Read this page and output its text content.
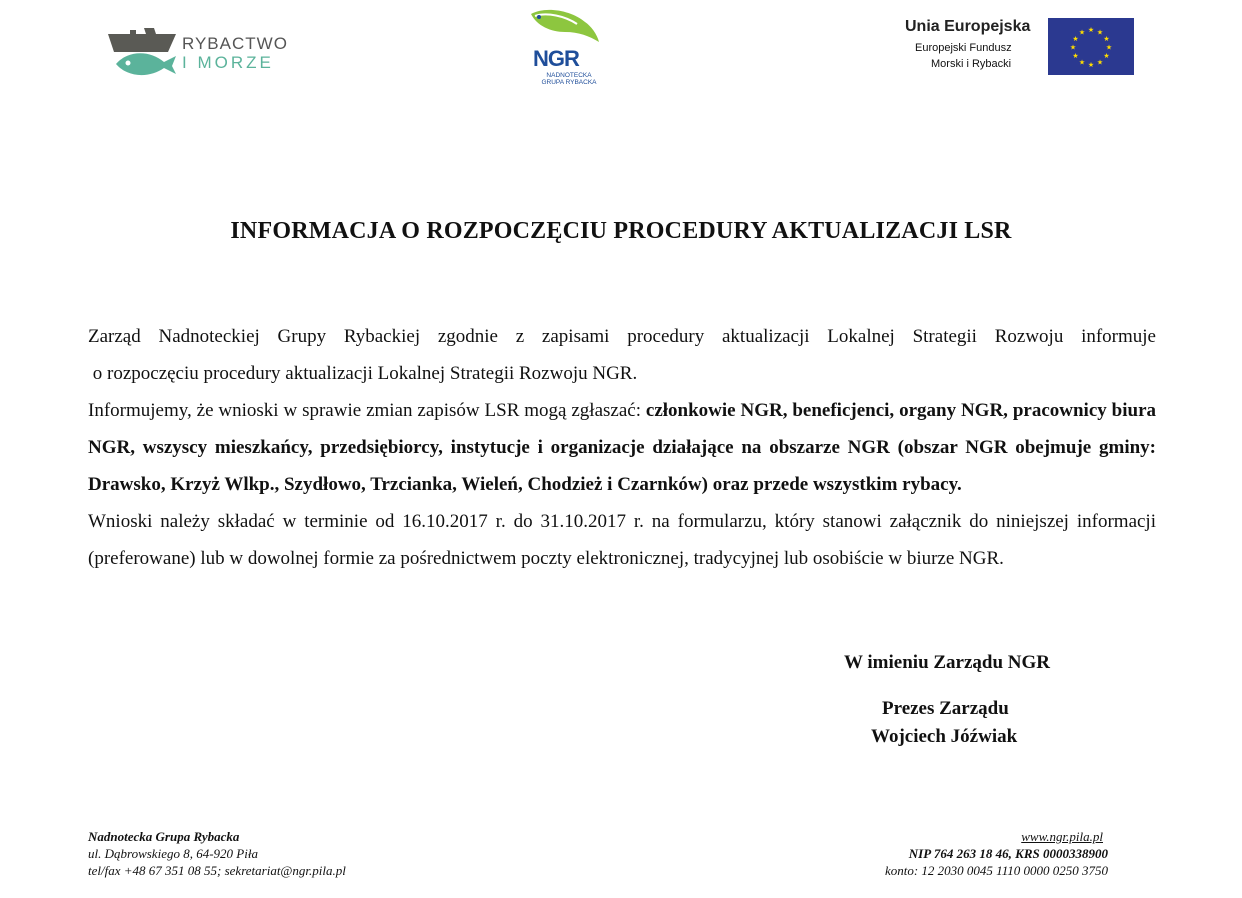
RYBACTWO
I MORZE	NGR
NADNOTECKA
GRUPA RYBACKA
Unia Europejska
Europejski Fundusz
Morski i Rybacki
★ ★
★
★
★
★
★
★
★
★
★
★
INFORMACJA O ROZPOCZĘCIU PROCEDURY AKTUALIZACJI LSR

Zarząd Nadnoteckiej Grupy Rybackiej zgodnie z zapisami procedury aktualizacji Lokalnej Strategii Rozwoju informuje

o rozpoczęciu procedury aktualizacji Lokalnej Strategii Rozwoju NGR.

Informujemy, że wnioski w sprawie zmian zapisów LSR mogą zgłaszać: członkowie NGR, beneficjenci, organy NGR, pracownicy biura NGR, wszyscy mieszkańcy, przedsiębiorcy, instytucje i organizacje działające na obszarze NGR (obszar NGR obejmuje gminy: Drawsko, Krzyż Wlkp., Szydłowo, Trzcianka, Wieleń, Chodzież i Czarnków) oraz przede wszystkim rybacy.

Wnioski należy składać w terminie od 16.10.2017 r. do 31.10.2017 r. na formularzu, który stanowi załącznik do niniejszej informacji (preferowane) lub w dowolnej formie za pośrednictwem poczty elektronicznej, tradycyjnej lub osobiście w biurze NGR.

W imieniu Zarządu NGR
Prezes Zarządu
Wojciech Jóźwiak
Nadnotecka Grupa Rybacka
ul. Dąbrowskiego 8, 64-920 Piła
tel/fax +48 67 351 08 55; sekretariat@ngr.pila.pl
www.ngr.pila.pl
NIP 764 263 18 46, KRS 0000338900
konto: 12 2030 0045 1110 0000 0250 3750
